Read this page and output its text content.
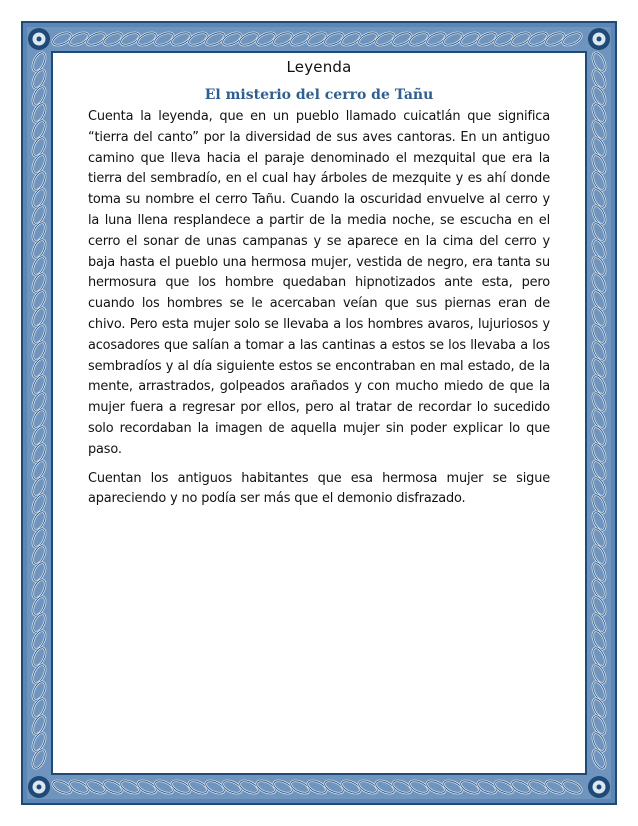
Leyenda
El misterio del cerro de Tañu

Cuenta la leyenda, que en un pueblo llamado cuicatlán que significa “tierra del canto” por la diversidad de sus aves cantoras. En un antiguo camino que lleva hacia el paraje denominado el mezquital que era la tierra del sembradío, en el cual hay árboles de mezquite y es ahí donde toma su nombre el cerro Tañu. Cuando la oscuridad envuelve al cerro y la luna llena resplandece a partir de la media noche, se escucha en el cerro el sonar de unas campanas y se aparece en la cima del cerro y baja hasta el pueblo una hermosa mujer, vestida de negro, era tanta su hermosura que los hombre quedaban hipnotizados ante esta, pero cuando los hombres se le acercaban veían que sus piernas eran de chivo. Pero esta mujer solo se llevaba a los hombres avaros, lujuriosos y acosadores que salían a tomar a las cantinas a estos se los llevaba a los sembradíos y al día siguiente estos se encontraban en mal estado, de la mente, arrastrados, golpeados arañados y con mucho miedo de que la mujer fuera a regresar por ellos, pero al tratar de recordar lo sucedido solo recordaban la imagen de aquella mujer sin poder explicar lo que paso.

Cuentan los antiguos habitantes que esa hermosa mujer se sigue apareciendo y no podía ser más que el demonio disfrazado.
